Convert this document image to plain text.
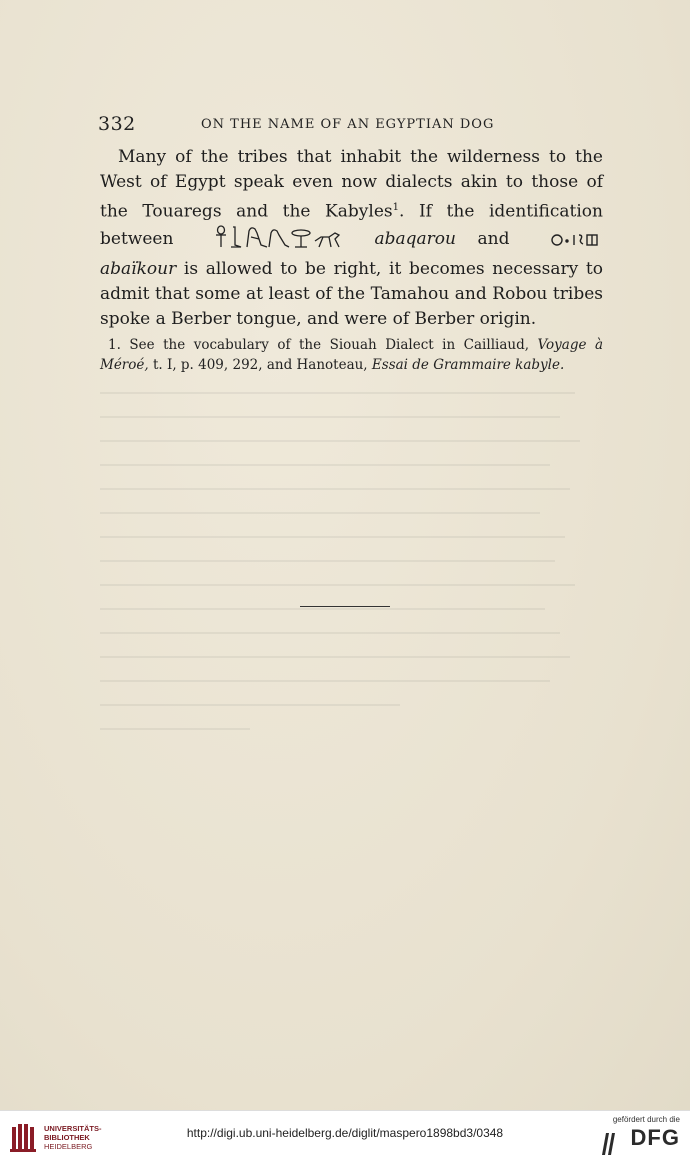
332	ON THE NAME OF AN EGYPTIAN DOG

Many of the tribes that inhabit the wilderness to the West of Egypt speak even now dialects akin to those of the Touaregs and the Kabyles$^1$. If the identification between	abaqarou and  abaïkour is allowed to be right, it becomes necessary to admit that some at least of the Tamahou and Robou tribes spoke a Berber tongue, and were of Berber origin.

1. See the vocabulary of the Siouah Dialect in Cailliaud, Voyage à Méroé, t. I, p. 409, 292, and Hanoteau, Essai de Grammaire kabyle.

UNIVERSITÄTS-
BIBLIOTHEK
HEIDELBERG
http://digi.ub.uni-heidelberg.de/diglit/maspero1898bd3/0348
gefördert durch die
DFG
